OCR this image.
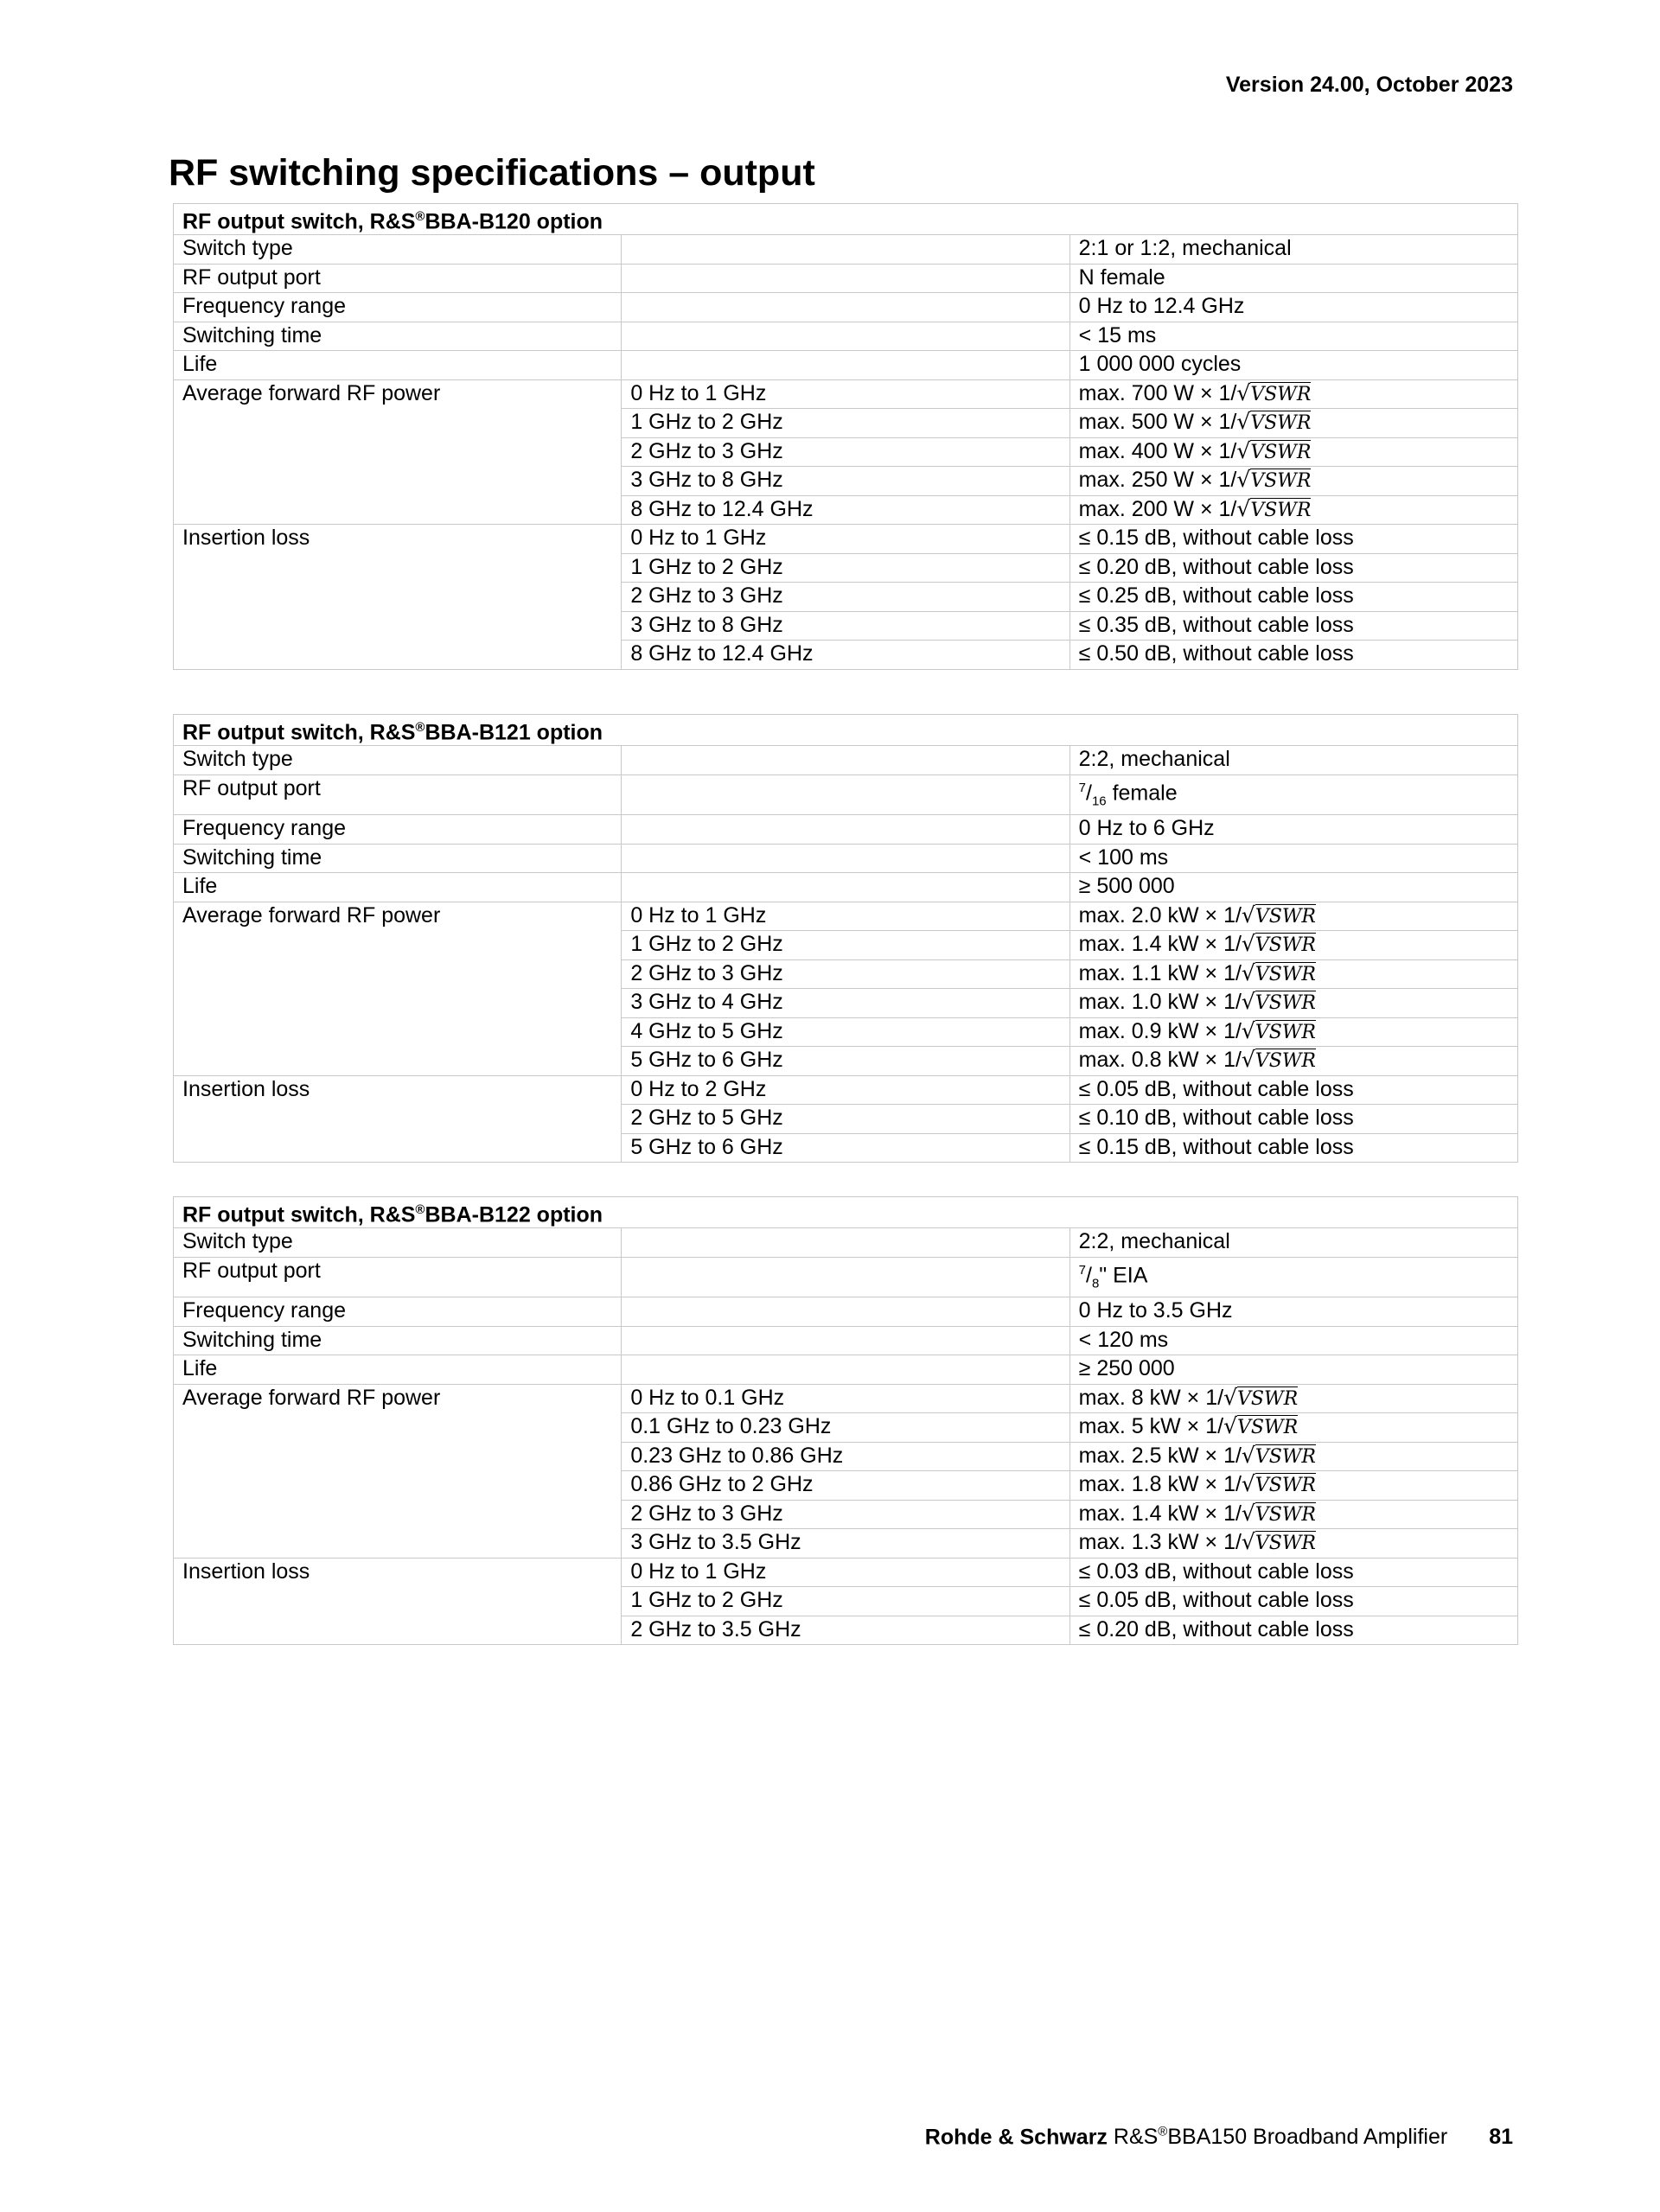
Version 24.00, October 2023
RF switching specifications – output
RF output switch, R&S®BBA-B120 option		
Switch type		2:1 or 1:2, mechanical
RF output port		N female
Frequency range		0 Hz to 12.4 GHz
Switching time		< 15 ms
Life		1 000 000 cycles
Average forward RF power	0 Hz to 1 GHz	max. 700 W × 1/√VSWR
	1 GHz to 2 GHz	max. 500 W × 1/√VSWR
	2 GHz to 3 GHz	max. 400 W × 1/√VSWR
	3 GHz to 8 GHz	max. 250 W × 1/√VSWR
	8 GHz to 12.4 GHz	max. 200 W × 1/√VSWR
Insertion loss	0 Hz to 1 GHz	≤ 0.15 dB, without cable loss
	1 GHz to 2 GHz	≤ 0.20 dB, without cable loss
	2 GHz to 3 GHz	≤ 0.25 dB, without cable loss
	3 GHz to 8 GHz	≤ 0.35 dB, without cable loss
	8 GHz to 12.4 GHz	≤ 0.50 dB, without cable loss
RF output switch, R&S®BBA-B121 option		
Switch type		2:2, mechanical
RF output port		$^7/_{16}$ female
Frequency range		0 Hz to 6 GHz
Switching time		< 100 ms
Life		≥ 500 000
Average forward RF power	0 Hz to 1 GHz	max. 2.0 kW × 1/√VSWR
	1 GHz to 2 GHz	max. 1.4 kW × 1/√VSWR
	2 GHz to 3 GHz	max. 1.1 kW × 1/√VSWR
	3 GHz to 4 GHz	max. 1.0 kW × 1/√VSWR
	4 GHz to 5 GHz	max. 0.9 kW × 1/√VSWR
	5 GHz to 6 GHz	max. 0.8 kW × 1/√VSWR
Insertion loss	0 Hz to 2 GHz	≤ 0.05 dB, without cable loss
	2 GHz to 5 GHz	≤ 0.10 dB, without cable loss
	5 GHz to 6 GHz	≤ 0.15 dB, without cable loss
RF output switch, R&S®BBA-B122 option		
Switch type		2:2, mechanical
RF output port		$^7/_8$" EIA
Frequency range		0 Hz to 3.5 GHz
Switching time		< 120 ms
Life		≥ 250 000
Average forward RF power	0 Hz to 0.1 GHz	max. 8 kW × 1/√VSWR
	0.1 GHz to 0.23 GHz	max. 5 kW × 1/√VSWR
	0.23 GHz to 0.86 GHz	max. 2.5 kW × 1/√VSWR
	0.86 GHz to 2 GHz	max. 1.8 kW × 1/√VSWR
	2 GHz to 3 GHz	max. 1.4 kW × 1/√VSWR
	3 GHz to 3.5 GHz	max. 1.3 kW × 1/√VSWR
Insertion loss	0 Hz to 1 GHz	≤ 0.03 dB, without cable loss
	1 GHz to 2 GHz	≤ 0.05 dB, without cable loss
	2 GHz to 3.5 GHz	≤ 0.20 dB, without cable loss
Rohde & Schwarz R&S®BBA150 Broadband Amplifier 81
